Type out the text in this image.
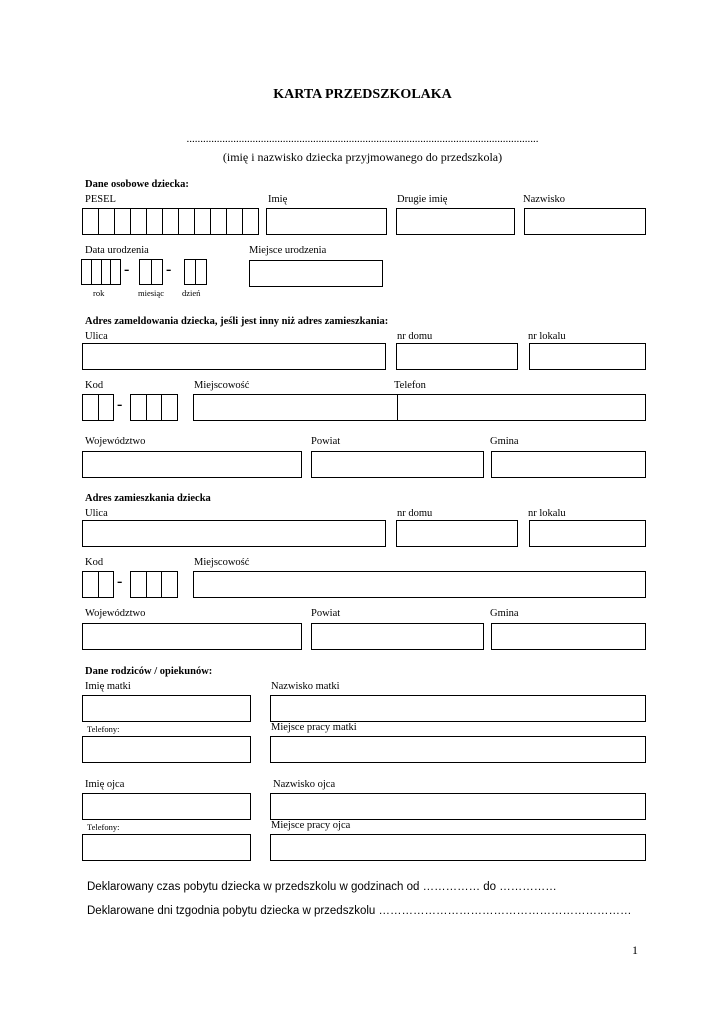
KARTA PRZEDSZKOLAKA
................................................................................................................................
(imię i nazwisko dziecka przyjmowanego do przedszkola)
Dane osobowe dziecka:
PESEL	Imię	Drugie imię	Nazwisko
Data urodzenia	Miejsce urodzenia
- -
rok	miesiąc dzień
Adres zameldowania dziecka, jeśli jest inny niż adres zamieszkania:
Ulica	nr domu	nr lokalu
Kod	Miejscowość	Telefon
-
Województwo	Powiat	Gmina
Adres zamieszkania dziecka
Ulica	nr domu	nr lokalu
Kod	Miejscowość
-
Województwo	Powiat	Gmina
Dane rodziców / opiekunów:
Imię matki	Nazwisko matki
Telefony:	Miejsce pracy matki
Imię ojca	Nazwisko ojca
Telefony:	Miejsce pracy ojca
Deklarowany czas pobytu dziecka w przedszkolu w godzinach od …………… do ……………
Deklarowane dni tzgodnia pobytu dziecka w przedszkolu …………………………………………………………
1
